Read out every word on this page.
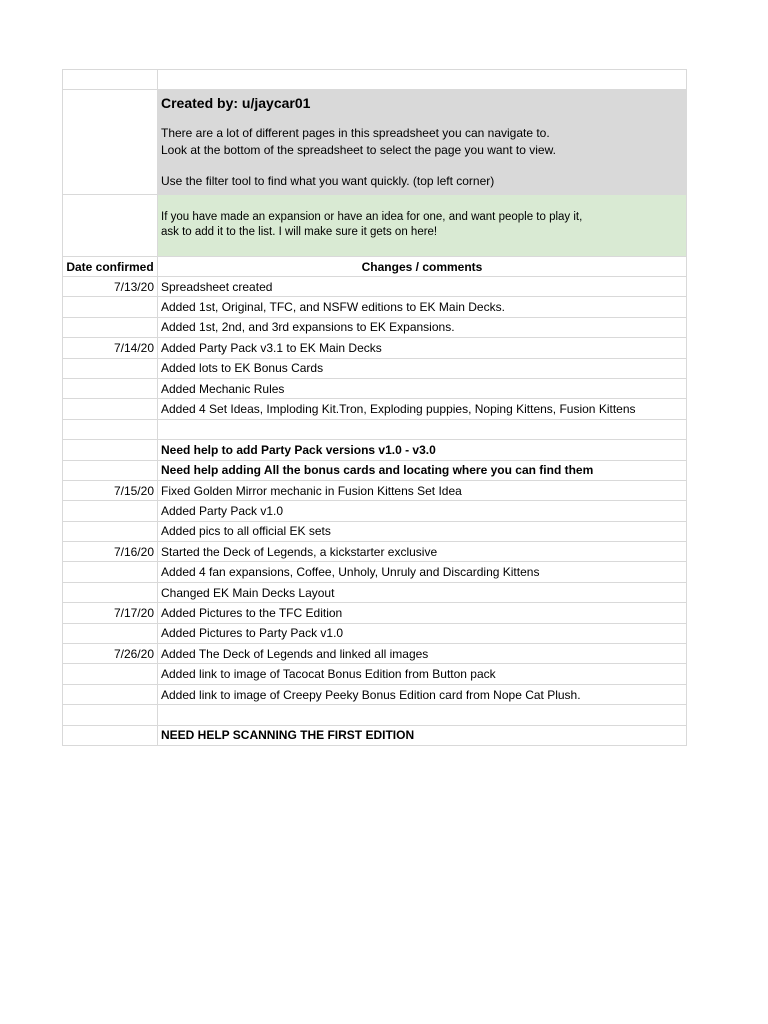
Created by: u/jaycar01
There are a lot of different pages in this spreadsheet you can navigate to.
Look at the bottom of the spreadsheet to select the page you want to view.
Use the filter tool to find what you want quickly. (top left corner)
If you have made an expansion or have an idea for one, and want people to play it,
ask to add it to the list. I will make sure it gets on here!
Date confirmed	Changes / comments
7/13/20 Spreadsheet created
Added 1st, Original, TFC, and NSFW editions to EK Main Decks.
Added 1st, 2nd, and 3rd expansions to EK Expansions.
7/14/20 Added Party Pack v3.1 to EK Main Decks
Added lots to EK Bonus Cards
Added Mechanic Rules
Added 4 Set Ideas, Imploding Kit.Tron, Exploding puppies, Noping Kittens, Fusion Kittens
Need help to add Party Pack versions v1.0 - v3.0
Need help adding All the bonus cards and locating where you can find them
7/15/20 Fixed Golden Mirror mechanic in Fusion Kittens Set Idea
Added Party Pack v1.0
Added pics to all official EK sets
7/16/20 Started the Deck of Legends, a kickstarter exclusive
Added 4 fan expansions, Coffee, Unholy, Unruly and Discarding Kittens
Changed EK Main Decks Layout
7/17/20 Added Pictures to the TFC Edition
Added Pictures to Party Pack v1.0
7/26/20 Added The Deck of Legends and linked all images
Added link to image of Tacocat Bonus Edition from Button pack
Added link to image of Creepy Peeky Bonus Edition card from Nope Cat Plush.
NEED HELP SCANNING THE FIRST EDITION
